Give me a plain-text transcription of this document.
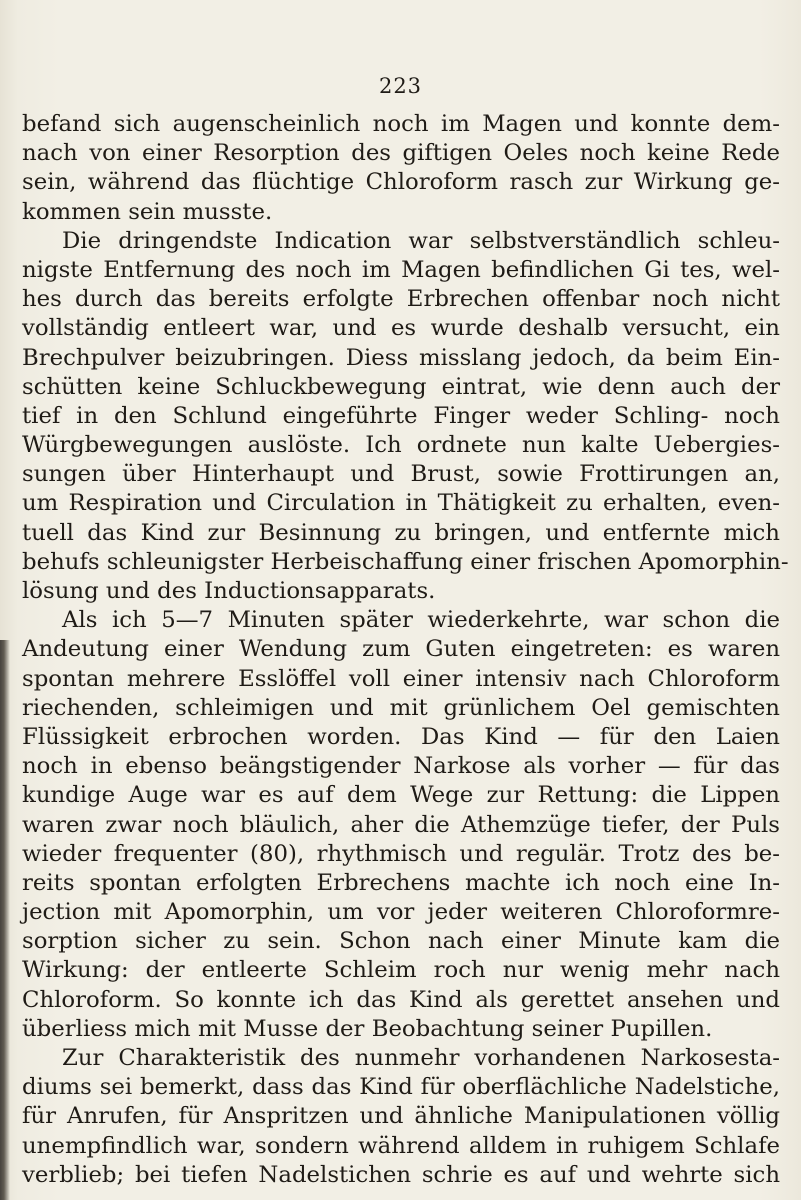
223
befand sich augenscheinlich noch im Magen und konnte dem-
nach von einer Resorption des giftigen Oeles noch keine Rede
sein, während das flüchtige Chloroform rasch zur Wirkung ge-
kommen sein musste.
Die dringendste Indication war selbstverständlich schleu-
nigste Entfernung des noch im Magen befindlichen Gi tes, wel-
hes durch das bereits erfolgte Erbrechen offenbar noch nicht
vollständig entleert war, und es wurde deshalb versucht, ein
Brechpulver beizubringen. Diess misslang jedoch, da beim Ein-
schütten keine Schluckbewegung eintrat, wie denn auch der
tief in den Schlund eingeführte Finger weder Schling- noch
Würgbewegungen auslöste. Ich ordnete nun kalte Uebergies-
sungen über Hinterhaupt und Brust, sowie Frottirungen an,
um Respiration und Circulation in Thätigkeit zu erhalten, even-
tuell das Kind zur Besinnung zu bringen, und entfernte mich
behufs schleunigster Herbeischaffung einer frischen Apomorphin-
lösung und des Inductionsapparats.
Als ich 5—7 Minuten später wiederkehrte, war schon die
Andeutung einer Wendung zum Guten eingetreten: es waren
spontan mehrere Esslöffel voll einer intensiv nach Chloroform
riechenden, schleimigen und mit grünlichem Oel gemischten
Flüssigkeit erbrochen worden. Das Kind — für den Laien
noch in ebenso beängstigender Narkose als vorher — für das
kundige Auge war es auf dem Wege zur Rettung: die Lippen
waren zwar noch bläulich, aher die Athemzüge tiefer, der Puls
wieder frequenter (80), rhythmisch und regulär. Trotz des be-
reits spontan erfolgten Erbrechens machte ich noch eine In-
jection mit Apomorphin, um vor jeder weiteren Chloroformre-
sorption sicher zu sein. Schon nach einer Minute kam die
Wirkung: der entleerte Schleim roch nur wenig mehr nach
Chloroform. So konnte ich das Kind als gerettet ansehen und
überliess mich mit Musse der Beobachtung seiner Pupillen.
Zur Charakteristik des nunmehr vorhandenen Narkosesta-
diums sei bemerkt, dass das Kind für oberflächliche Nadelstiche,
für Anrufen, für Anspritzen und ähnliche Manipulationen völlig
unempfindlich war, sondern während alldem in ruhigem Schlafe
verblieb; bei tiefen Nadelstichen schrie es auf und wehrte sich
